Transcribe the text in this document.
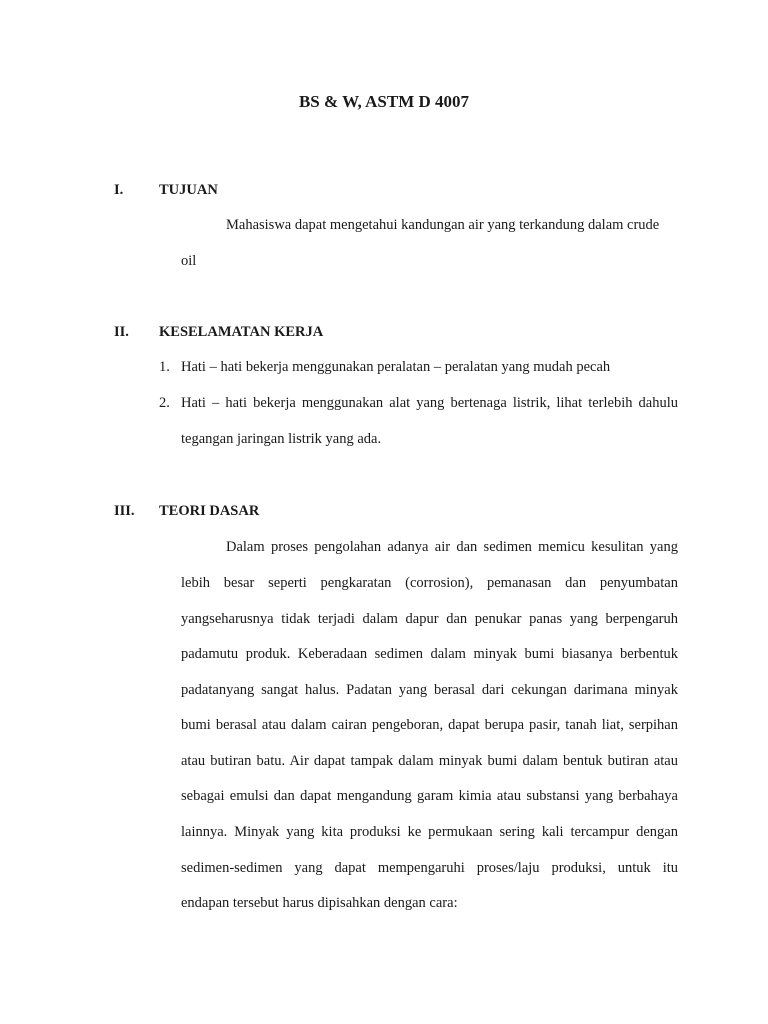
BS & W, ASTM D 4007
I. TUJUAN
Mahasiswa dapat mengetahui kandungan air yang terkandung dalam crude
oil
II. KESELAMATAN KERJA
1. Hati – hati bekerja menggunakan peralatan – peralatan yang mudah pecah
2. Hati – hati bekerja menggunakan alat yang bertenaga listrik, lihat terlebih dahulu
tegangan jaringan listrik yang ada.
III. TEORI DASAR
Dalam proses pengolahan adanya air dan sedimen memicu kesulitan yang
lebih besar seperti pengkaratan (corrosion), pemanasan dan penyumbatan
yangseharusnya tidak terjadi dalam dapur dan penukar panas yang berpengaruh
padamutu produk. Keberadaan sedimen dalam minyak bumi biasanya berbentuk
padatanyang sangat halus. Padatan yang berasal dari cekungan darimana minyak
bumi berasal atau dalam cairan pengeboran, dapat berupa pasir, tanah liat, serpihan
atau butiran batu. Air dapat tampak dalam minyak bumi dalam bentuk butiran atau
sebagai emulsi dan dapat mengandung garam kimia atau substansi yang berbahaya
lainnya. Minyak yang kita produksi ke permukaan sering kali tercampur dengan
sedimen-sedimen yang dapat mempengaruhi proses/laju produksi, untuk itu
endapan tersebut harus dipisahkan dengan cara:
